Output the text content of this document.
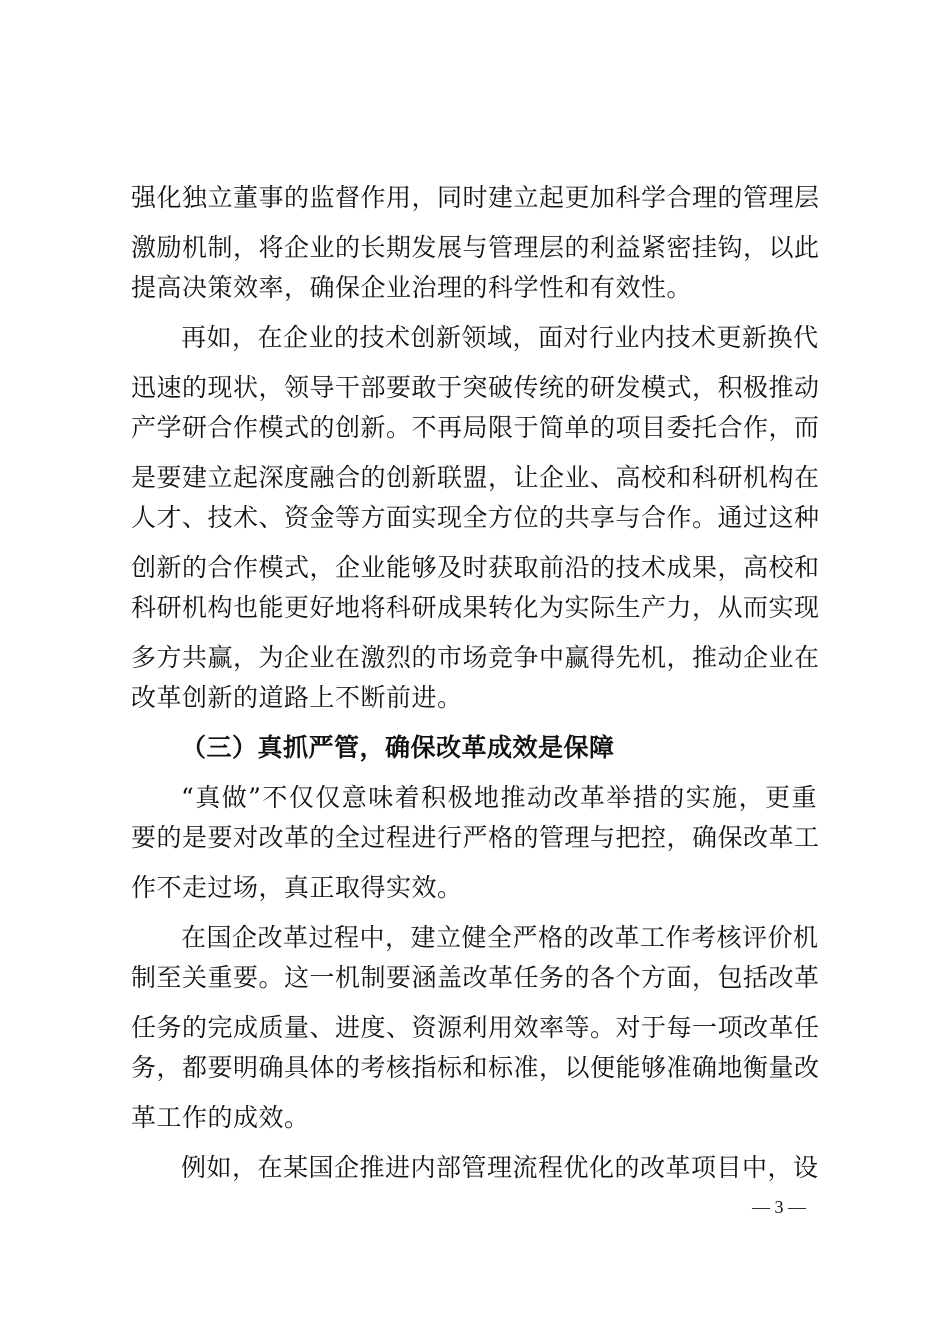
强化独立董事的监督作用，同时建立起更加科学合理的管理层
激励机制，将企业的长期发展与管理层的利益紧密挂钩，以此
提高决策效率，确保企业治理的科学性和有效性。
再如，在企业的技术创新领域，面对行业内技术更新换代
迅速的现状，领导干部要敢于突破传统的研发模式，积极推动
产学研合作模式的创新。不再局限于简单的项目委托合作，而
是要建立起深度融合的创新联盟，让企业、高校和科研机构在
人才、技术、资金等方面实现全方位的共享与合作。通过这种
创新的合作模式，企业能够及时获取前沿的技术成果，高校和
科研机构也能更好地将科研成果转化为实际生产力，从而实现
多方共赢，为企业在激烈的市场竞争中赢得先机，推动企业在
改革创新的道路上不断前进。
（三）真抓严管，确保改革成效是保障
“真做”不仅仅意味着积极地推动改革举措的实施，更重
要的是要对改革的全过程进行严格的管理与把控，确保改革工
作不走过场，真正取得实效。
在国企改革过程中，建立健全严格的改革工作考核评价机
制至关重要。这一机制要涵盖改革任务的各个方面，包括改革
任务的完成质量、进度、资源利用效率等。对于每一项改革任
务，都要明确具体的考核指标和标准，以便能够准确地衡量改
革工作的成效。
例如，在某国企推进内部管理流程优化的改革项目中，设
— 3 —
